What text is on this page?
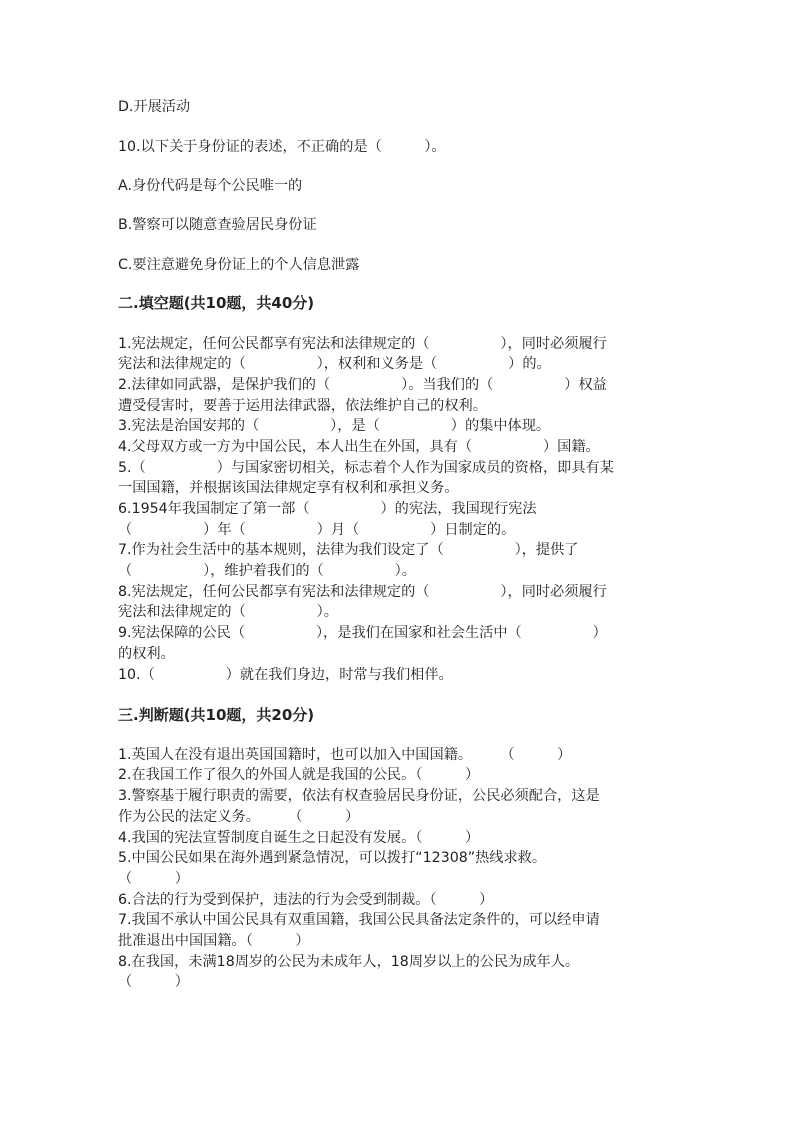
D.开展活动
10.以下关于身份证的表述，不正确的是（　　　）。
A.身份代码是每个公民唯一的
B.警察可以随意查验居民身份证
C.要注意避免身份证上的个人信息泄露
二.填空题(共10题，共40分)
1.宪法规定，任何公民都享有宪法和法律规定的（　　　　　），同时必须履行
宪法和法律规定的（　　　　　），权利和义务是（　　　　　）的。
2.法律如同武器，是保护我们的（　　　　　）。当我们的（　　　　　）权益
遭受侵害时，要善于运用法律武器，依法维护自己的权利。
3.宪法是治国安邦的（　　　　　），是（　　　　　）的集中体现。
4.父母双方或一方为中国公民，本人出生在外国，具有（　　　　　）国籍。
5.（　　　　　）与国家密切相关，标志着个人作为国家成员的资格，即具有某
一国国籍，并根据该国法律规定享有权利和承担义务。
6.1954年我国制定了第一部（　　　　　）的宪法，我国现行宪法
（　　　　　）年（　　　　　）月（　　　　　）日制定的。
7.作为社会生活中的基本规则，法律为我们设定了（　　　　　），提供了
（　　　　　），维护着我们的（　　　　　）。
8.宪法规定，任何公民都享有宪法和法律规定的（　　　　　），同时必须履行
宪法和法律规定的（　　　　　）。
9.宪法保障的公民（　　　　　），是我们在国家和社会生活中（　　　　　）
的权利。
10.（　　　　　）就在我们身边，时常与我们相伴。
三.判断题(共10题，共20分)
1.英国人在没有退出英国国籍时，也可以加入中国国籍。　　　（　　　）
2.在我国工作了很久的外国人就是我国的公民。（　　　）
3.警察基于履行职责的需要，依法有权查验居民身份证，公民必须配合，这是
作为公民的法定义务。　　　（　　　）
4.我国的宪法宣誓制度自诞生之日起没有发展。（　　　）
5.中国公民如果在海外遇到紧急情况，可以拨打“12308”热线求救。
（　　　）
6.合法的行为受到保护，违法的行为会受到制裁。（　　　）
7.我国不承认中国公民具有双重国籍，我国公民具备法定条件的，可以经申请
批准退出中国国籍。（　　　）
8.在我国，未满18周岁的公民为未成年人，18周岁以上的公民为成年人。
（　　　）
